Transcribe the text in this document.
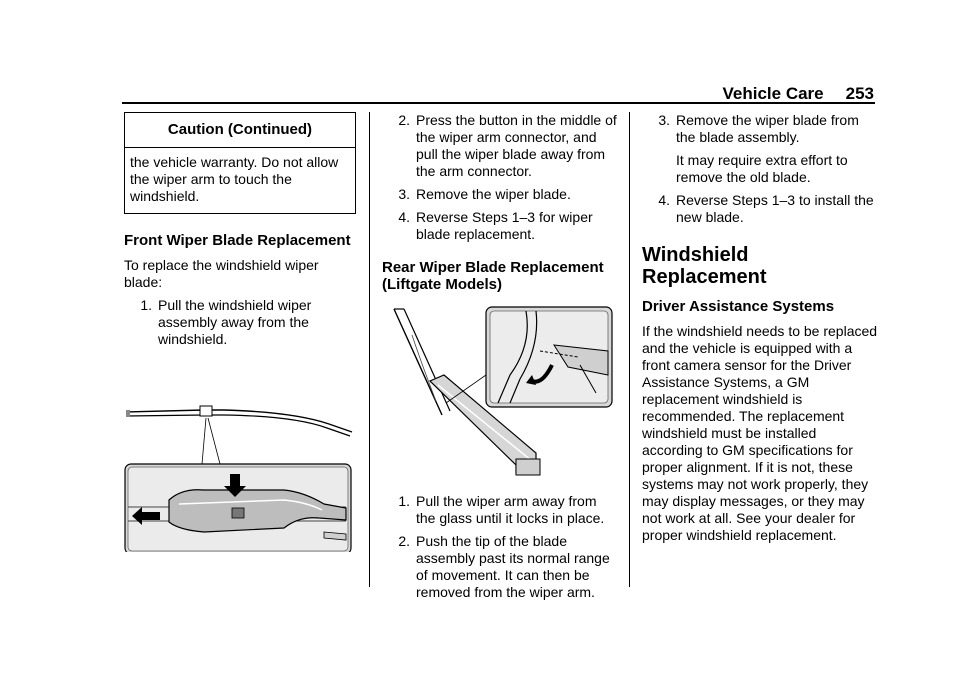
Vehicle Care 253
Caution (Continued)
the vehicle warranty. Do not allow the wiper arm to touch the windshield.
Front Wiper Blade Replacement

To replace the windshield wiper blade:

1. Pull the windshield wiper assembly away from the windshield.
2. Press the button in the middle of the wiper arm connector, and pull the wiper blade away from the arm connector.
3. Remove the wiper blade.
4. Reverse Steps 1–3 for wiper blade replacement.
Rear Wiper Blade Replacement (Liftgate Models)
1. Pull the wiper arm away from the glass until it locks in place.
2. Push the tip of the blade assembly past its normal range of movement. It can then be removed from the wiper arm.
3. Remove the wiper blade from the blade assembly.

It may require extra effort to remove the old blade.

4. Reverse Steps 1–3 to install the new blade.
Windshield Replacement
Driver Assistance Systems

If the windshield needs to be replaced and the vehicle is equipped with a front camera sensor for the Driver Assistance Systems, a GM replacement windshield is recommended. The replacement windshield must be installed according to GM specifications for proper alignment. If it is not, these systems may not work properly, they may display messages, or they may not work at all. See your dealer for proper windshield replacement.
